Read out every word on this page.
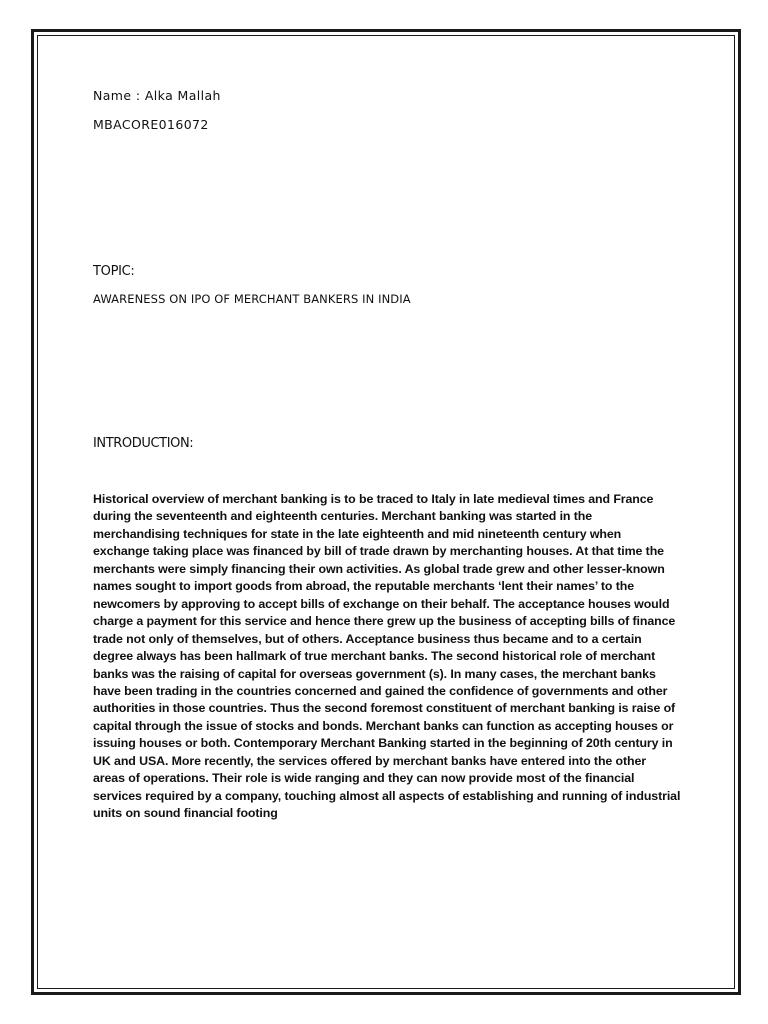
Name : Alka Mallah
MBACORE016072
TOPIC:
AWARENESS ON IPO OF MERCHANT BANKERS IN INDIA
INTRODUCTION:
Historical overview of merchant banking is to be traced to Italy in late medieval times and France
during the seventeenth and eighteenth centuries. Merchant banking was started in the
merchandising techniques for state in the late eighteenth and mid nineteenth century when
exchange taking place was financed by bill of trade drawn by merchanting houses. At that time the
merchants were simply financing their own activities. As global trade grew and other lesser-known
names sought to import goods from abroad, the reputable merchants ‘lent their names’ to the
newcomers by approving to accept bills of exchange on their behalf. The acceptance houses would
charge a payment for this service and hence there grew up the business of accepting bills of finance
trade not only of themselves, but of others. Acceptance business thus became and to a certain
degree always has been hallmark of true merchant banks. The second historical role of merchant
banks was the raising of capital for overseas government (s). In many cases, the merchant banks
have been trading in the countries concerned and gained the confidence of governments and other
authorities in those countries. Thus the second foremost constituent of merchant banking is raise of
capital through the issue of stocks and bonds. Merchant banks can function as accepting houses or
issuing houses or both. Contemporary Merchant Banking started in the beginning of 20th century in
UK and USA. More recently, the services offered by merchant banks have entered into the other
areas of operations. Their role is wide ranging and they can now provide most of the financial
services required by a company, touching almost all aspects of establishing and running of industrial
units on sound financial footing
